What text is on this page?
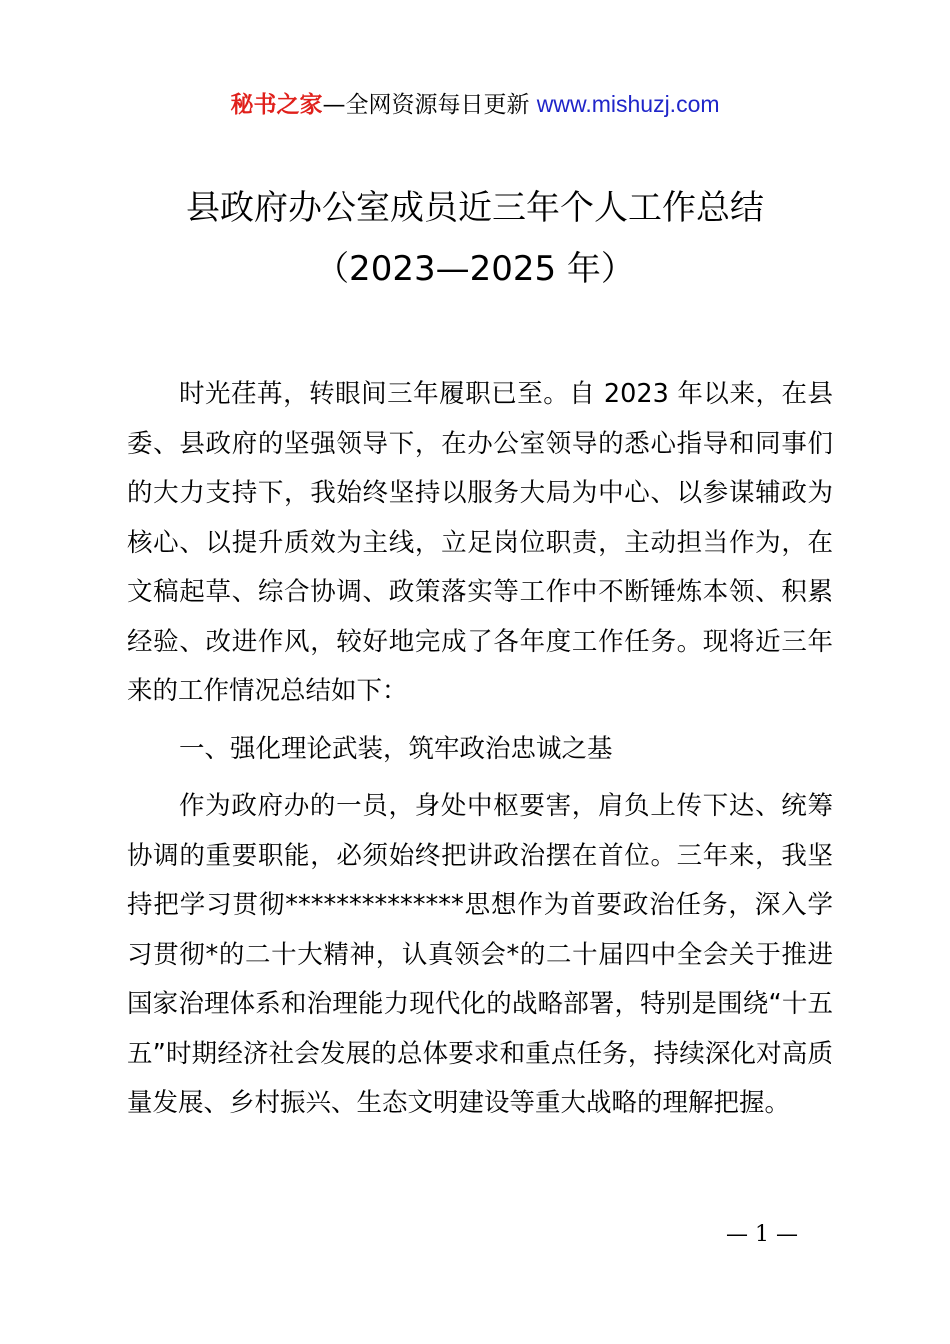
秘书之家—全网资源每日更新 www.mishuzj.com
县政府办公室成员近三年个人工作总结
（2023—2025 年）

时光荏苒，转眼间三年履职已至。自 2023 年以来，在县委、县政府的坚强领导下，在办公室领导的悉心指导和同事们的大力支持下，我始终坚持以服务大局为中心、以参谋辅政为核心、以提升质效为主线，立足岗位职责，主动担当作为，在文稿起草、综合协调、政策落实等工作中不断锤炼本领、积累经验、改进作风，较好地完成了各年度工作任务。现将近三年来的工作情况总结如下：

一、强化理论武装，筑牢政治忠诚之基

作为政府办的一员，身处中枢要害，肩负上传下达、统筹协调的重要职能，必须始终把讲政治摆在首位。三年来，我坚持把学习贯彻**************思想作为首要政治任务，深入学习贯彻*的二十大精神，认真领会*的二十届四中全会关于推进国家治理体系和治理能力现代化的战略部署，特别是围绕“十五五”时期经济社会发展的总体要求和重点任务，持续深化对高质量发展、乡村振兴、生态文明建设等重大战略的理解把握。

— 1 —
